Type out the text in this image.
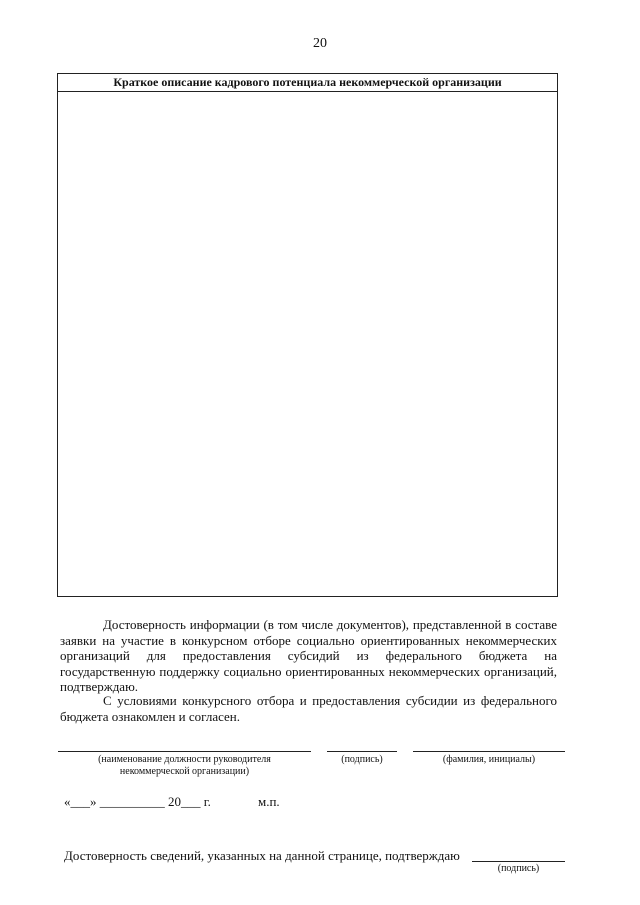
20
Краткое описание кадрового потенциала некоммерческой организации
Достоверность информации (в том числе документов), представленной в составе заявки на участие в конкурсном отборе социально ориентированных некоммерческих организаций для предоставления субсидий из федерального бюджета на государственную поддержку социально ориентированных некоммерческих организаций, подтверждаю.
С условиями конкурсного отбора и предоставления субсидии из федерального бюджета ознакомлен и согласен.
(наименование должности руководителя
некоммерческой организации)
(подпись)	(фамилия, инициалы)
«___» __________ 20___ г.	м.п.
Достоверность сведений, указанных на данной странице, подтверждаю
(подпись)
